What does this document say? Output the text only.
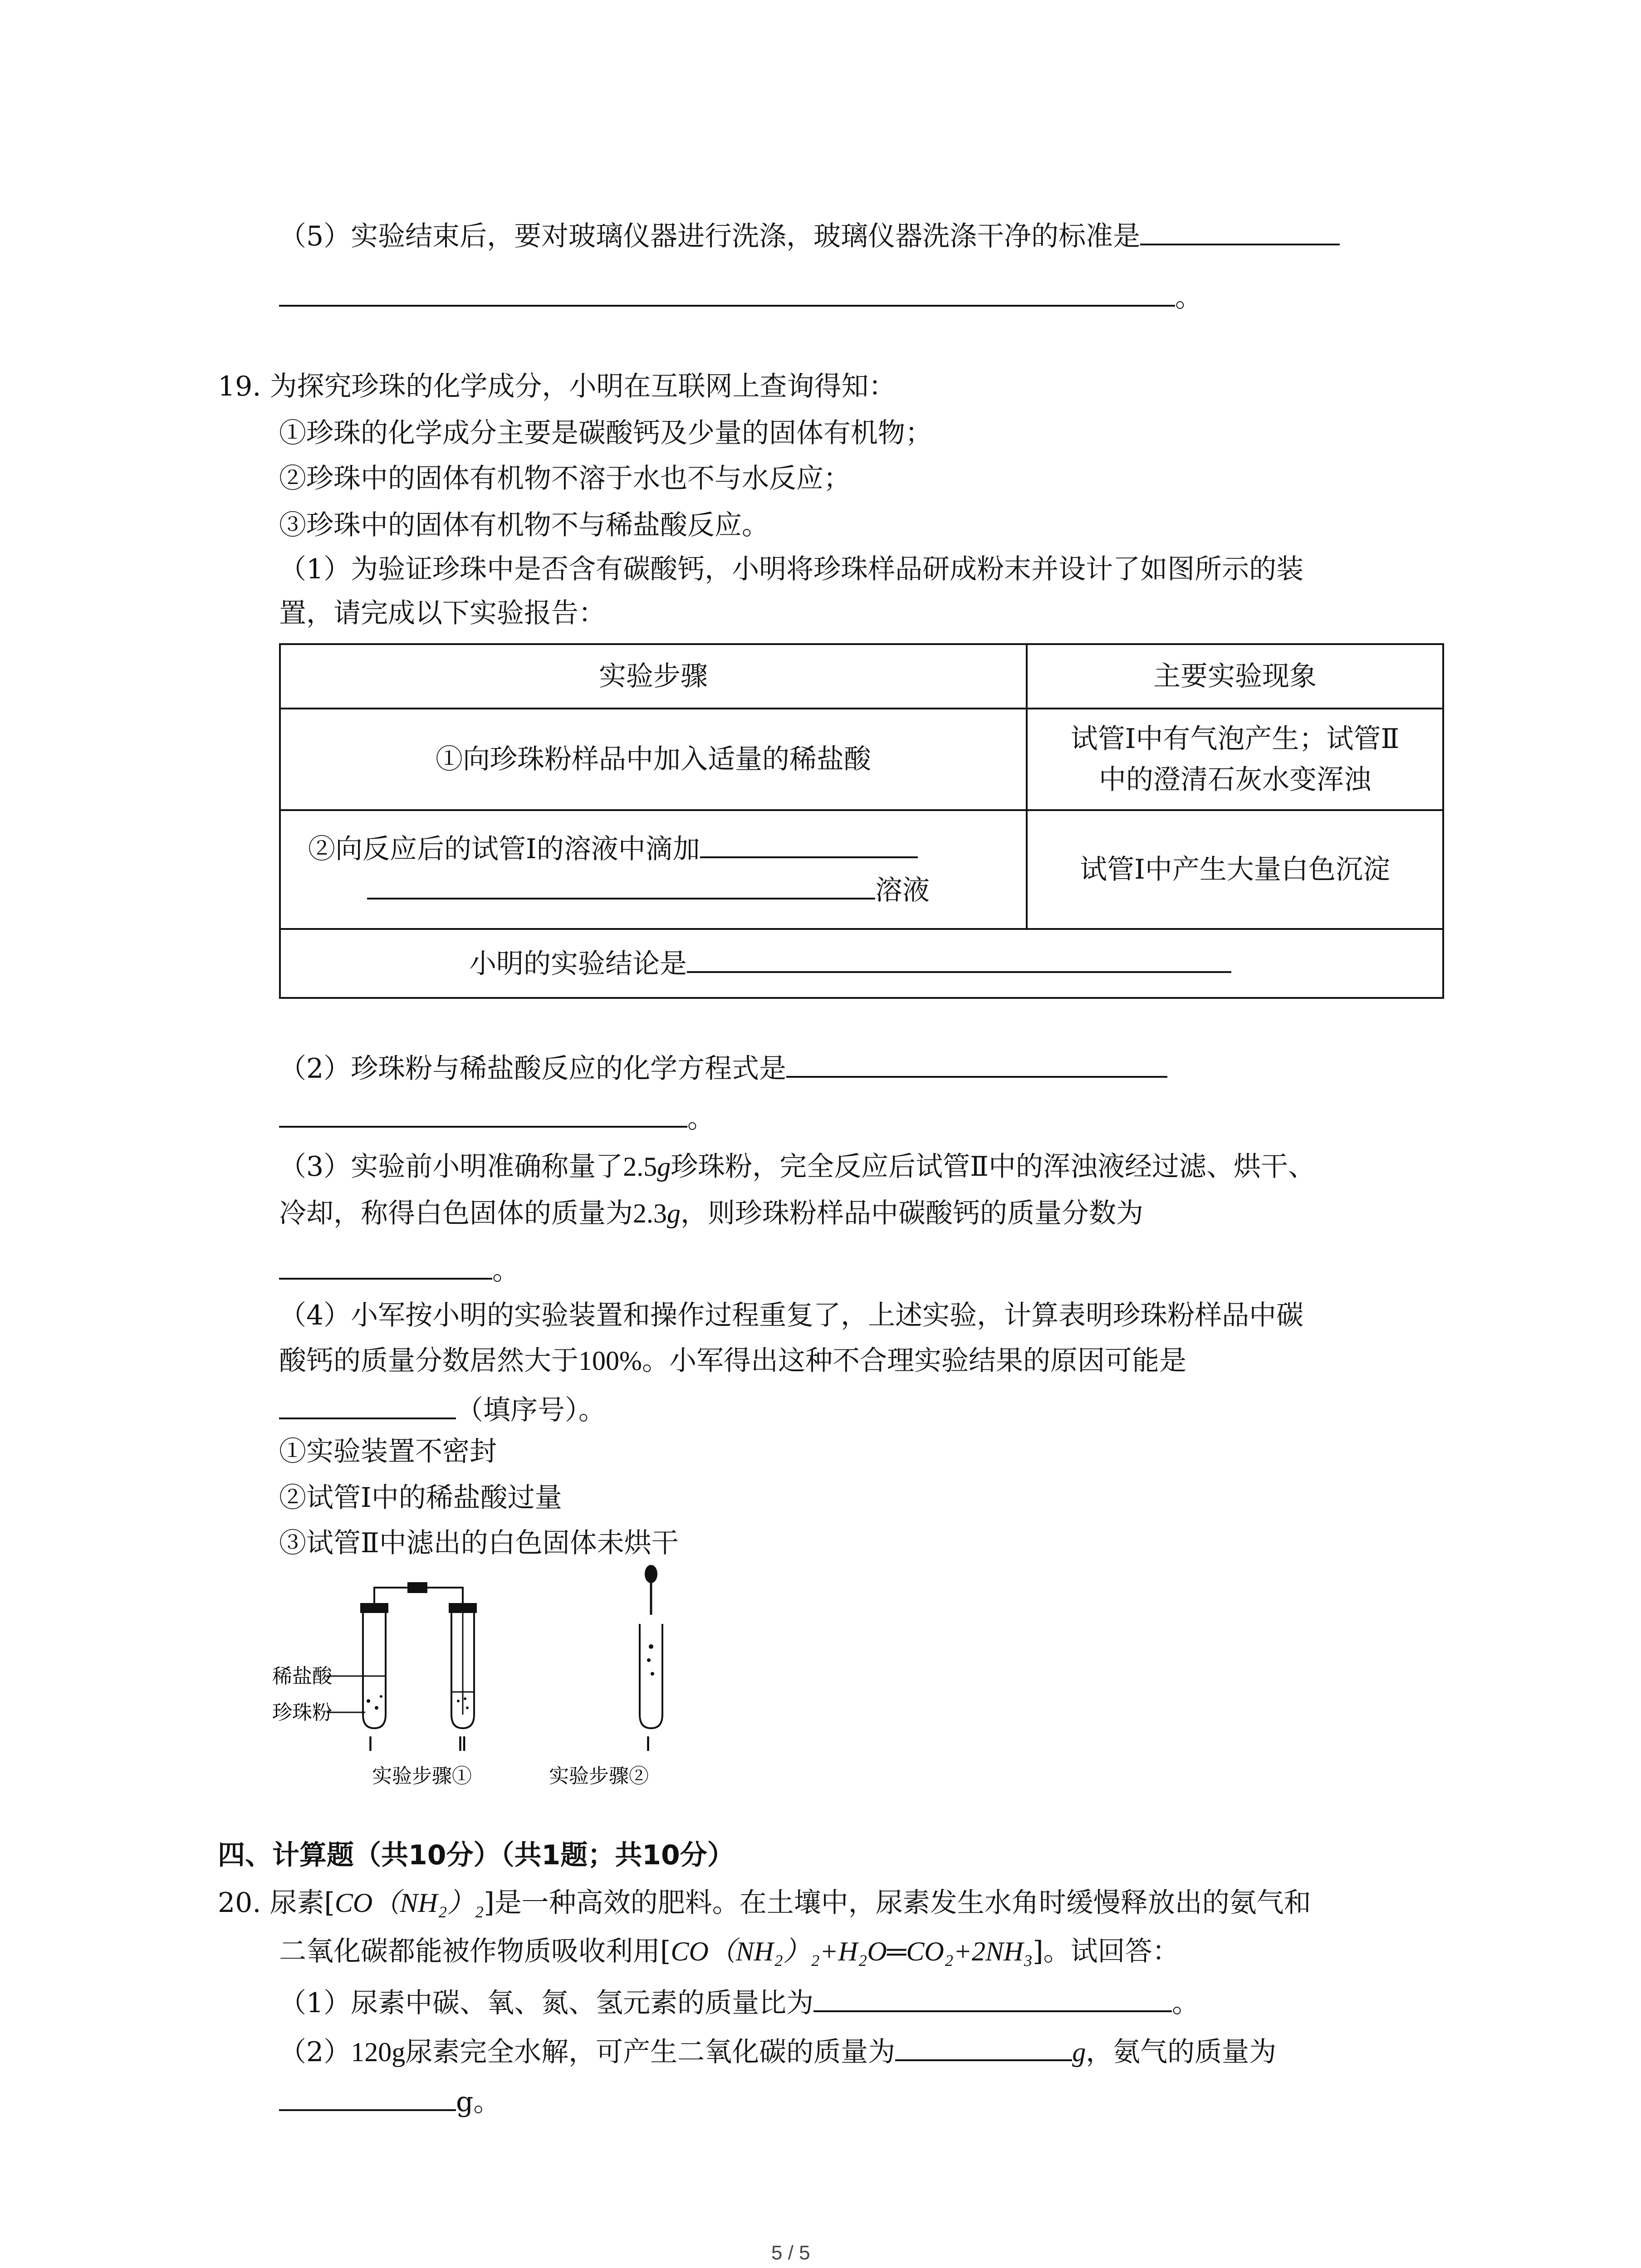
（5）实验结束后，要对玻璃仪器进行洗涤，玻璃仪器洗涤干净的标准是
。
19. 为探究珍珠的化学成分，小明在互联网上查询得知：
①珍珠的化学成分主要是碳酸钙及少量的固体有机物；
②珍珠中的固体有机物不溶于水也不与水反应；
③珍珠中的固体有机物不与稀盐酸反应。
（1）为验证珍珠中是否含有碳酸钙，小明将珍珠样品研成粉末并设计了如图所示的装
置，请完成以下实验报告：
实验步骤	主要实验现象
①向珍珠粉样品中加入适量的稀盐酸	试管Ⅰ中有气泡产生；试管Ⅱ
中的澄清石灰水变浑浊

②向反应后的试管Ⅰ的溶液中滴加
溶液	试管Ⅰ中产生大量白色沉淀
小明的实验结论是	
（2）珍珠粉与稀盐酸反应的化学方程式是
。
（3）实验前小明准确称量了2.5g珍珠粉，完全反应后试管Ⅱ中的浑浊液经过滤、烘干、
冷却，称得白色固体的质量为2.3g，则珍珠粉样品中碳酸钙的质量分数为
。
（4）小军按小明的实验装置和操作过程重复了，上述实验，计算表明珍珠粉样品中碳
酸钙的质量分数居然大于100%。小军得出这种不合理实验结果的原因可能是
（填序号）。
①实验装置不密封
②试管Ⅰ中的稀盐酸过量
③试管Ⅱ中滤出的白色固体未烘干
稀盐酸
珍珠粉
Ⅰ	Ⅱ	Ⅰ
实验步骤①	实验步骤②
四、计算题（共10分）（共1题；共10分）
20. 尿素[CO（NH₂）₂]是一种高效的肥料。在土壤中，尿素发生水角时缓慢释放出的氨气和
二氧化碳都能被作物质吸收利用[CO（NH₂）₂+H₂O═CO₂+2NH₃]。试回答：
（1）尿素中碳、氧、氮、氢元素的质量比为	。
（2）120g尿素完全水解，可产生二氧化碳的质量为	g，氨气的质量为
g。
5 / 5
